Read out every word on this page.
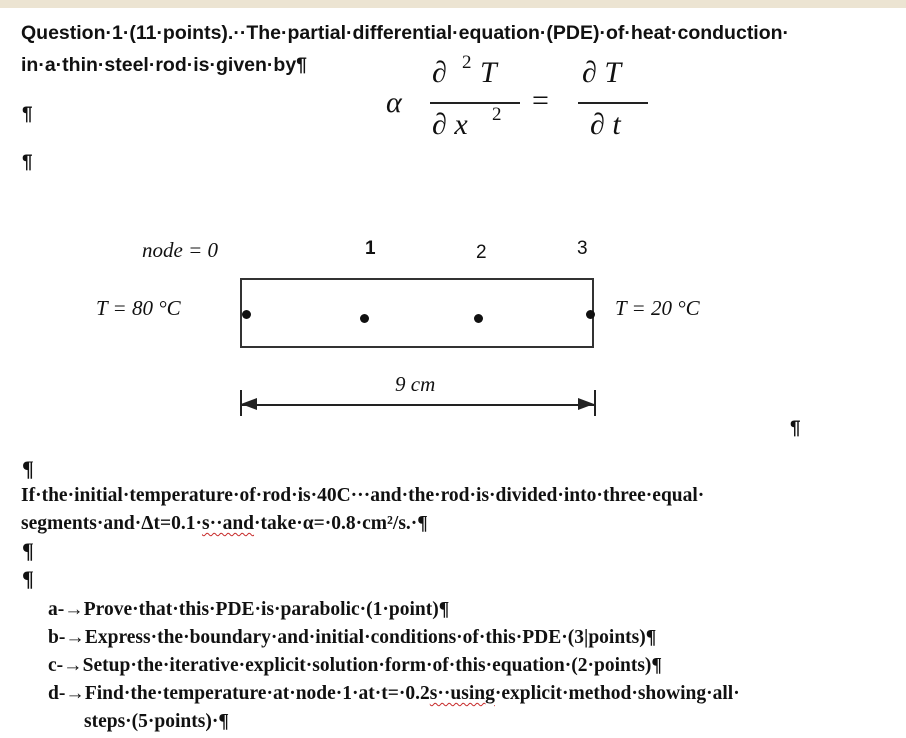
Question·1·(11·points).··The·partial·differential·equation·(PDE)·of·heat·conduction·
in·a·thin·steel·rod·is·given·by¶
¶
¶
α
∂ 2 T
∂ x 2 =
∂ T
∂ t
node = 0	1	2	3
T = 80 °C	T = 20 °C
9 cm
¶
¶
If·the·initial·temperature·of·rod·is·40C···and·the·rod·is·divided·into·three·equal·
segments·and·Δt=0.1·s··and·take·α=·0.8·cm²/s.·¶
¶
¶
a-→Prove·that·this·PDE·is·parabolic·(1·point)¶
b-→Express·the·boundary·and·initial·conditions·of·this·PDE·(3|points)¶
c-→Setup·the·iterative·explicit·solution·form·of·this·equation·(2·points)¶
d-→Find·the·temperature·at·node·1·at·t=·0.2s··using·explicit·method·showing·all·
steps·(5·points)·¶
